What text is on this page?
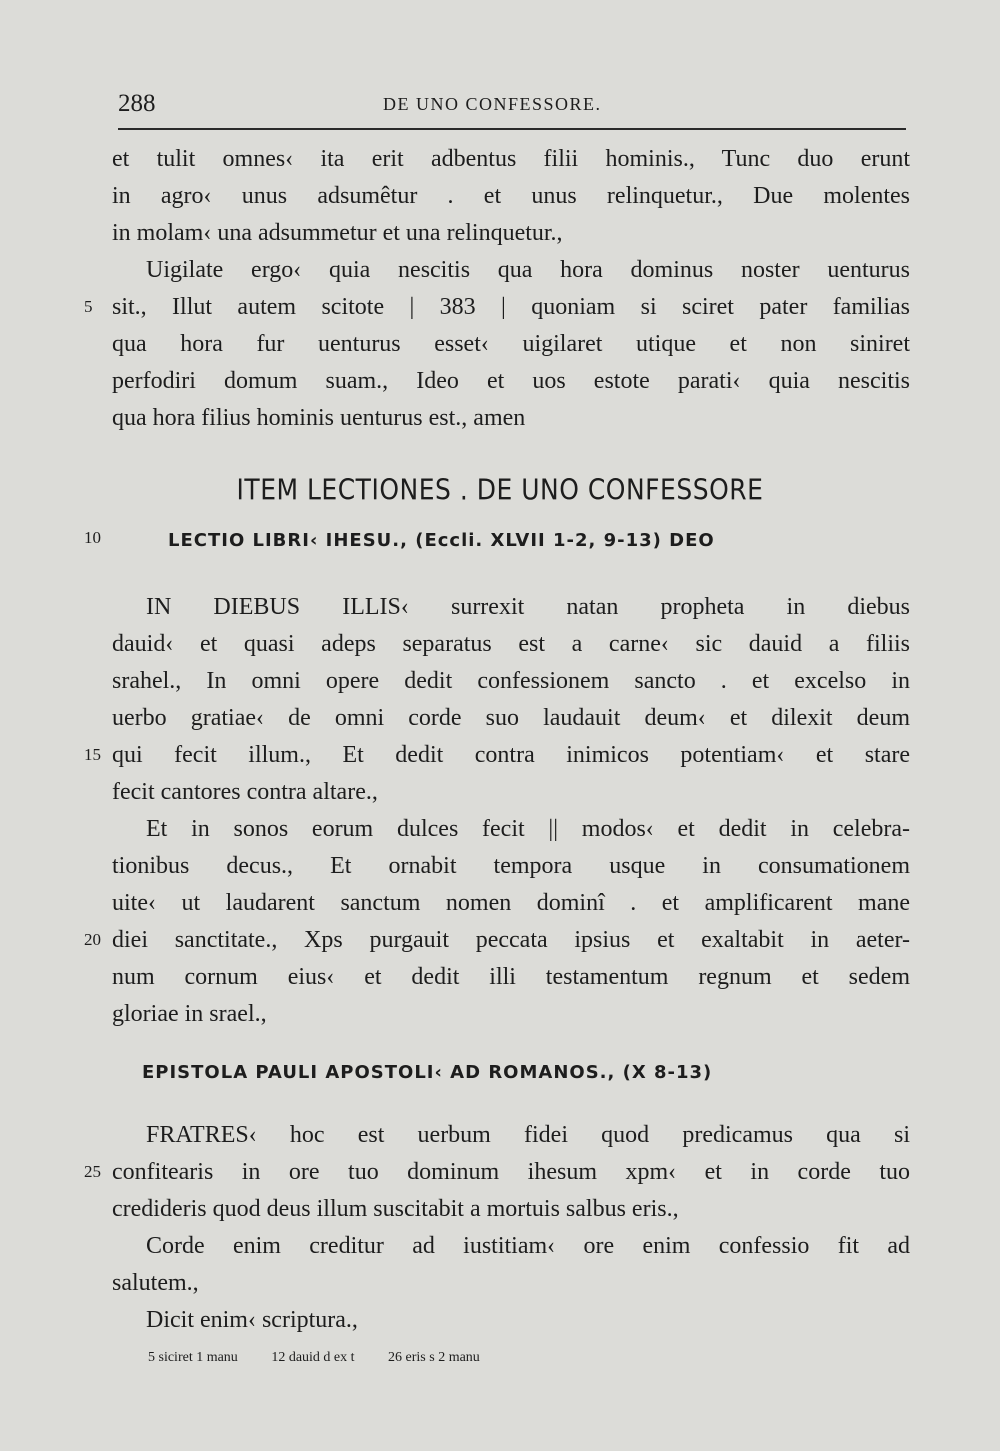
288	DE UNO CONFESSORE.
et tulit omnes‹ ita erit adbentus filii hominis., Tunc duo erunt
in agro‹ unus adsumêtur . et unus relinquetur., Due molentes
in molam‹ una adsummetur et una relinquetur.,
Uigilate ergo‹ quia nescitis qua hora dominus noster uenturus
5 sit., Illut autem scitote | 383 | quoniam si sciret pater familias
qua hora fur uenturus esset‹ uigilaret utique et non siniret
perfodiri domum suam., Ideo et uos estote parati‹ quia nescitis
qua hora filius hominis uenturus est., amen
ITEM LECTIONES . DE UNO CONFESSORE
10	LECTIO LIBRI‹ IHESU., (Eccli. XLVII 1-2, 9-13) DEO
IN DIEBUS ILLIS‹ surrexit natan propheta in diebus
dauid‹ et quasi adeps separatus est a carne‹ sic dauid a filiis
srahel., In omni opere dedit confessionem sancto . et excelso in
uerbo gratiae‹ de omni corde suo laudauit deum‹ et dilexit deum
15 qui fecit illum., Et dedit contra inimicos potentiam‹ et stare
fecit cantores contra altare.,
Et in sonos eorum dulces fecit || modos‹ et dedit in celebra-
tionibus decus., Et ornabit tempora usque in consumationem
uite‹ ut laudarent sanctum nomen dominî . et amplificarent mane
20 diei sanctitate., Xps purgauit peccata ipsius et exaltabit in aeter-
num cornum eius‹ et dedit illi testamentum regnum et sedem
gloriae in srael.,
EPISTOLA PAULI APOSTOLI‹ AD ROMANOS., (X 8-13)
FRATRES‹ hoc est uerbum fidei quod predicamus qua si
25 confitearis in ore tuo dominum ihesum xpm‹ et in corde tuo
credideris quod deus illum suscitabit a mortuis salbus eris.,
Corde enim creditur ad iustitiam‹ ore enim confessio fit ad
salutem.,
Dicit enim‹ scriptura.,
5 siciret 1 manu 12 dauid d ex t 26 eris s 2 manu
